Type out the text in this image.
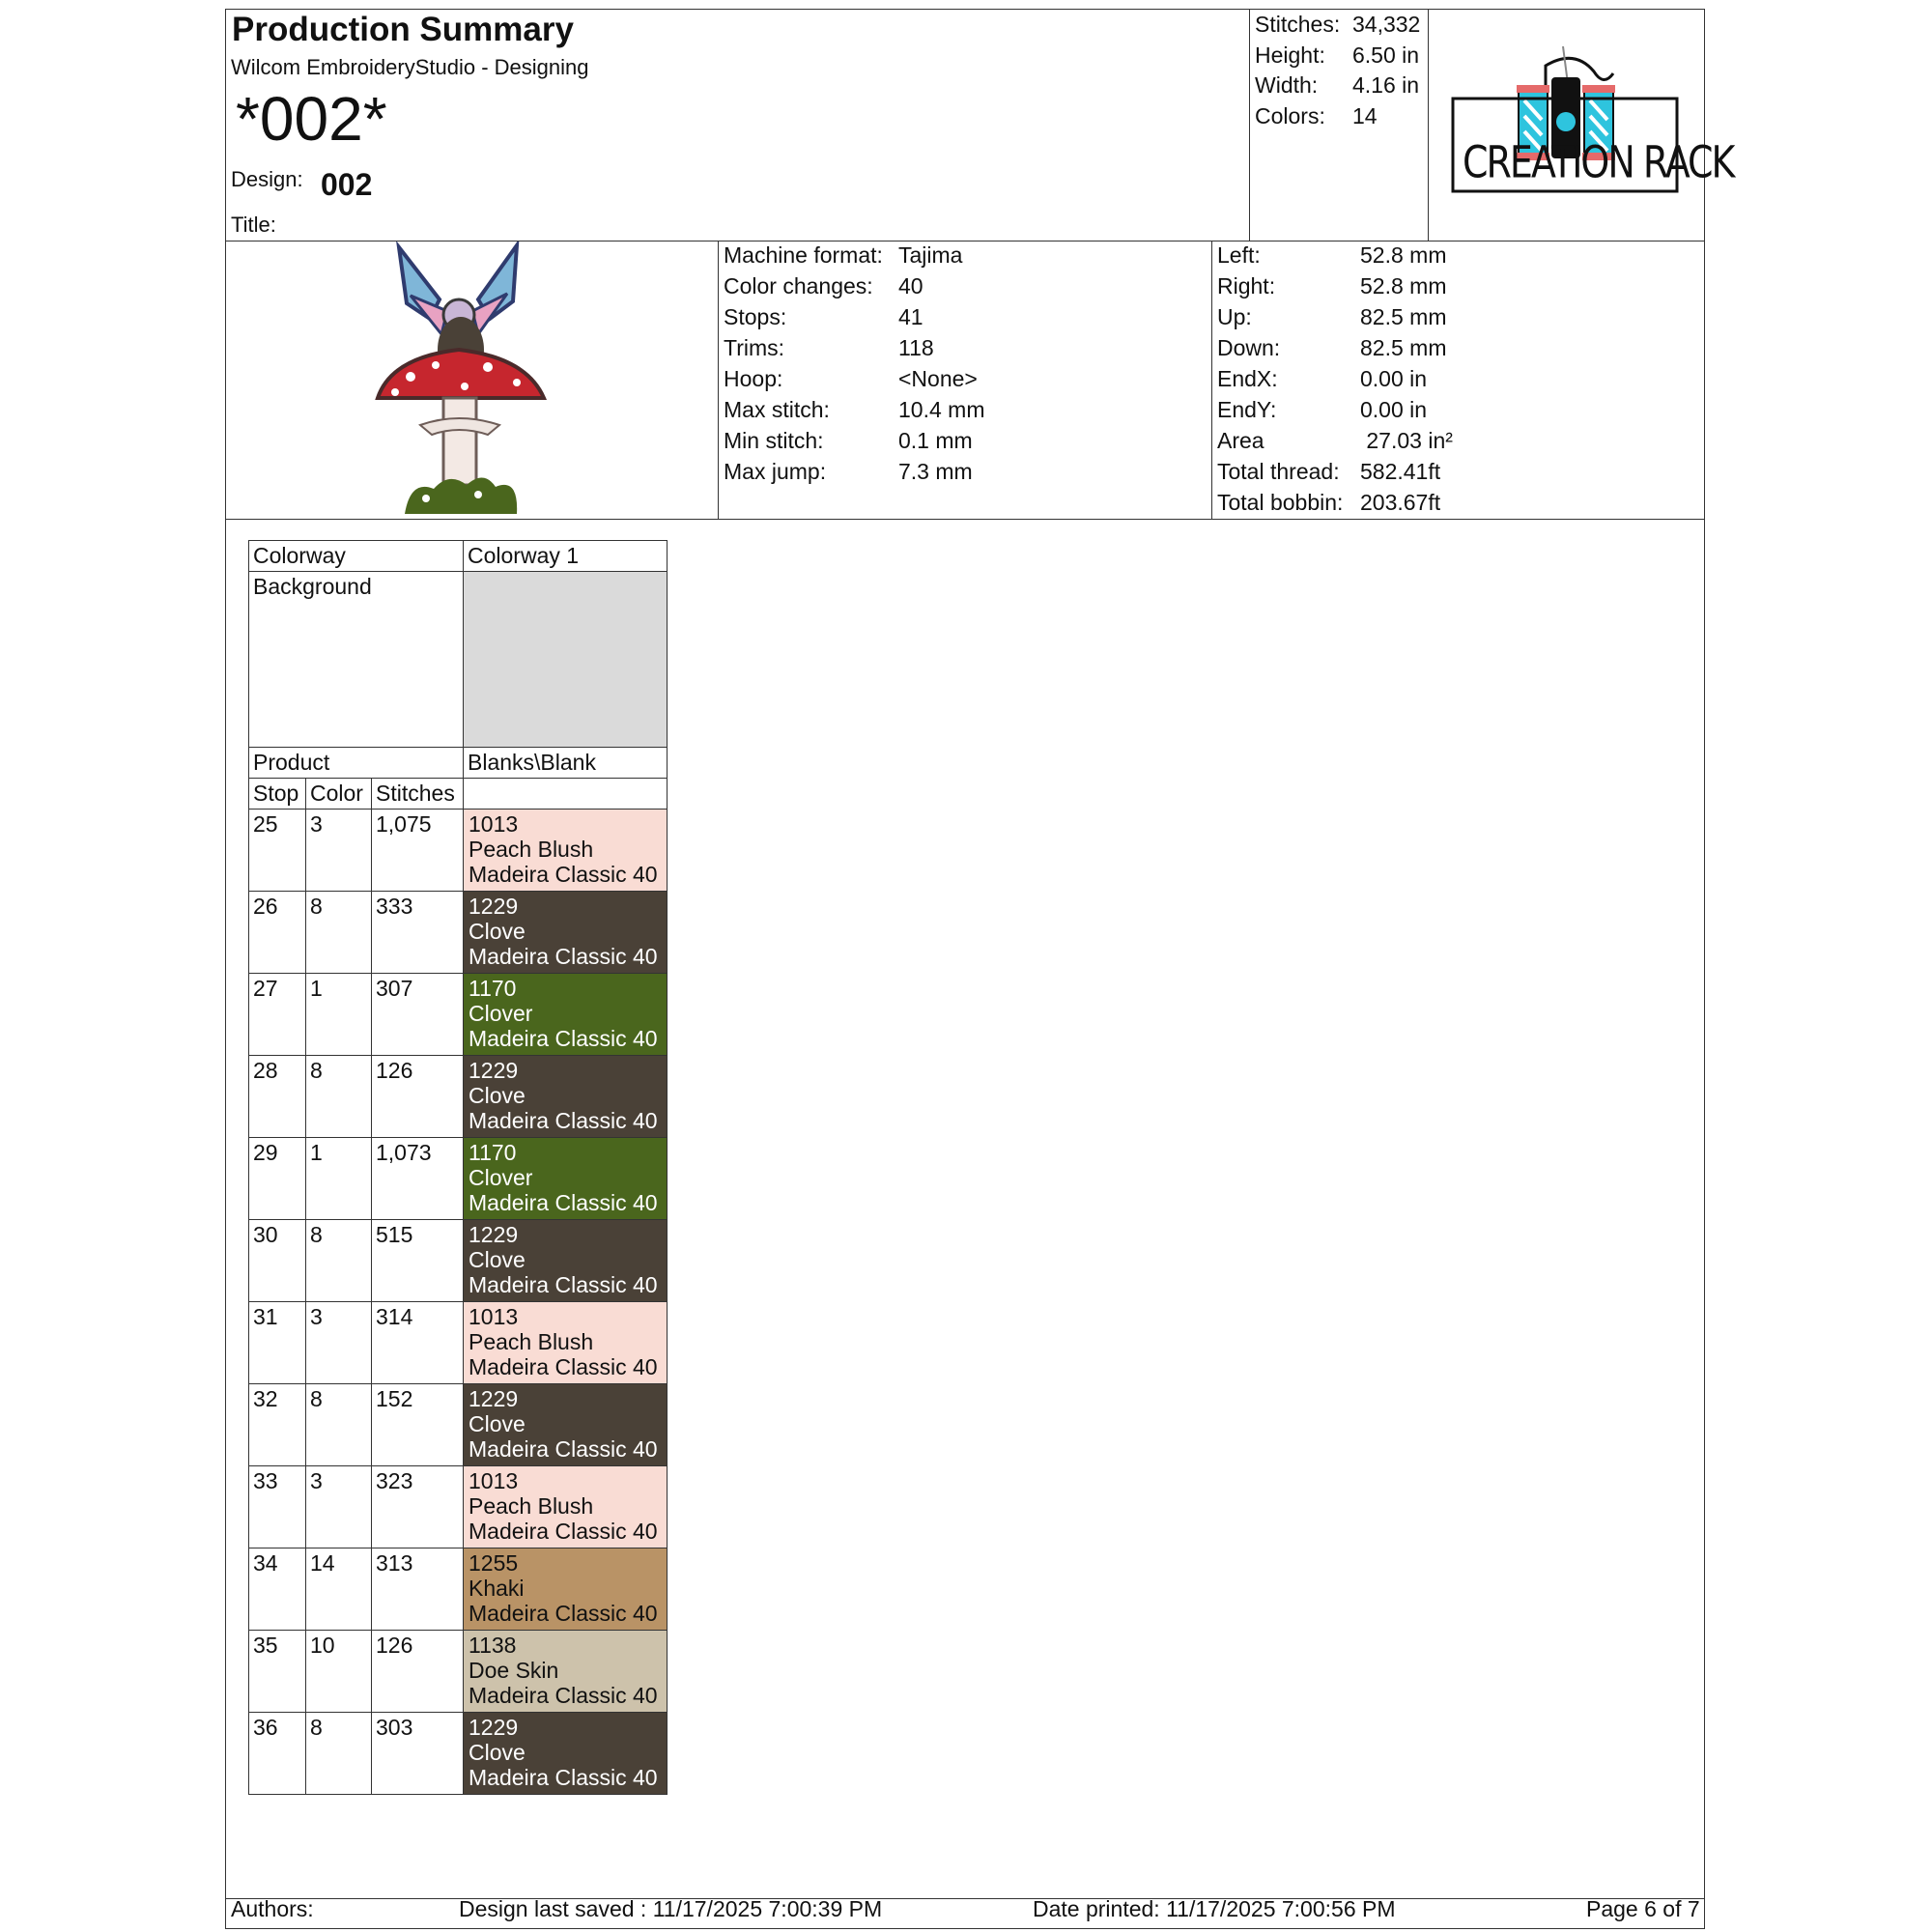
Production Summary
Wilcom EmbroideryStudio - Designing
*002*
Design: 002
Title:
Stitches: 34,332
Height: 6.50 in
Width: 4.16 in
Colors: 14
CREATION RACK
Machine format: Tajima
Color changes: 40
Stops:	41
Trims:	118
Hoop:	<None>
Max stitch:	10.4 mm
Min stitch:	0.1 mm
Max jump:	7.3 mm
Left:	52.8 mm
Right:	52.8 mm
Up:	82.5 mm
Down:	82.5 mm
EndX:	0.00 in
EndY:	0.00 in
Area	27.03 in²
Total thread: 582.41ft
Total bobbin: 203.67ft
Colorway			Colorway 1

Background			

Product			Blanks\Blank

Stop	Color	Stitches	

25	3	1,075	1013
Peach Blush
Madeira Classic 40

26	8	333	1229
Clove
Madeira Classic 40

27	1	307	1170
Clover
Madeira Classic 40

28	8	126	1229
Clove
Madeira Classic 40

29	1	1,073	1170
Clover
Madeira Classic 40

30	8	515	1229
Clove
Madeira Classic 40

31	3	314	1013
Peach Blush
Madeira Classic 40

32	8	152	1229
Clove
Madeira Classic 40

33	3	323	1013
Peach Blush
Madeira Classic 40

34	14	313	1255
Khaki
Madeira Classic 40

35	10	126	1138
Doe Skin
Madeira Classic 40

36	8	303	1229
Clove
Madeira Classic 40
Authors:	Design last saved : 11/17/2025 7:00:39 PM	Date printed: 11/17/2025 7:00:56 PM	Page 6 of 7
